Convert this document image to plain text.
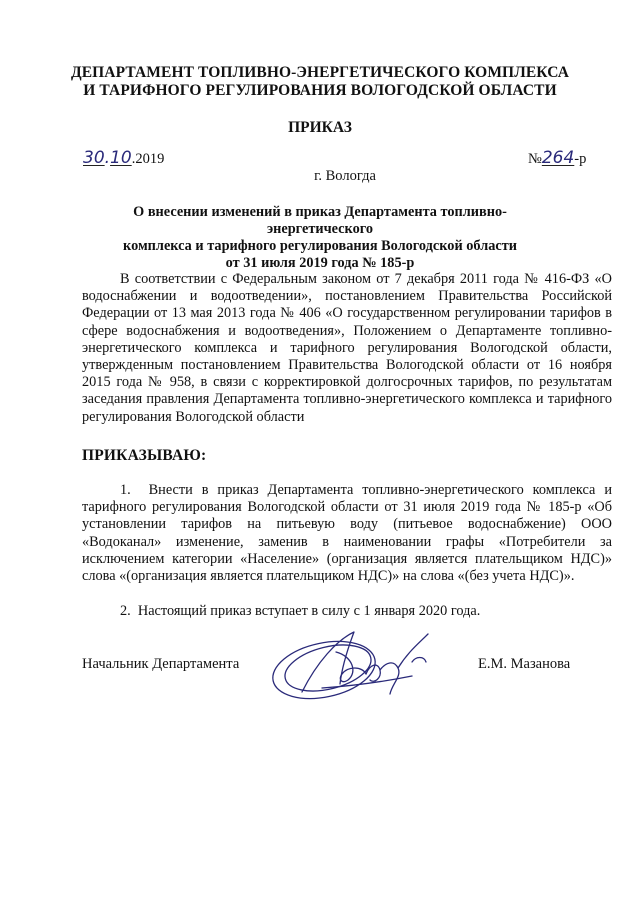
ДЕПАРТАМЕНТ ТОПЛИВНО-ЭНЕРГЕТИЧЕСКОГО КОМПЛЕКСА
И ТАРИФНОГО РЕГУЛИРОВАНИЯ ВОЛОГОДСКОЙ ОБЛАСТИ
ПРИКАЗ
30.10.2019	№264-р
г. Вологда
О внесении изменений в приказ Департамента топливно-энергетического
комплекса и тарифного регулирования Вологодской области
от 31 июля 2019 года № 185-р

В соответствии с Федеральным законом от 7 декабря 2011 года № 416-ФЗ «О водоснабжении и водоотведении», постановлением Правительства Российской Федерации от 13 мая 2013 года № 406 «О государственном регулировании тарифов в сфере водоснабжения и водоотведения», Положением о Департаменте топливно-энергетического комплекса и тарифного регулирования Вологодской области, утвержденным постановлением Правительства Вологодской области от 16 ноября 2015 года № 958, в связи с корректировкой долгосрочных тарифов, по результатам заседания правления Департамента топливно-энергетического комплекса и тарифного регулирования Вологодской области

ПРИКАЗЫВАЮ:

1. Внести в приказ Департамента топливно-энергетического комплекса и тарифного регулирования Вологодской области от 31 июля 2019 года № 185-р «Об установлении тарифов на питьевую воду (питьевое водоснабжение) ООО «Водоканал» изменение, заменив в наименовании графы «Потребители за исключением категории «Население» (организация является плательщиком НДС)» слова «(организация является плательщиком НДС)» на слова «(без учета НДС)».

2. Настоящий приказ вступает в силу с 1 января 2020 года.

Начальник Департамента	Е.М. Мазанова
